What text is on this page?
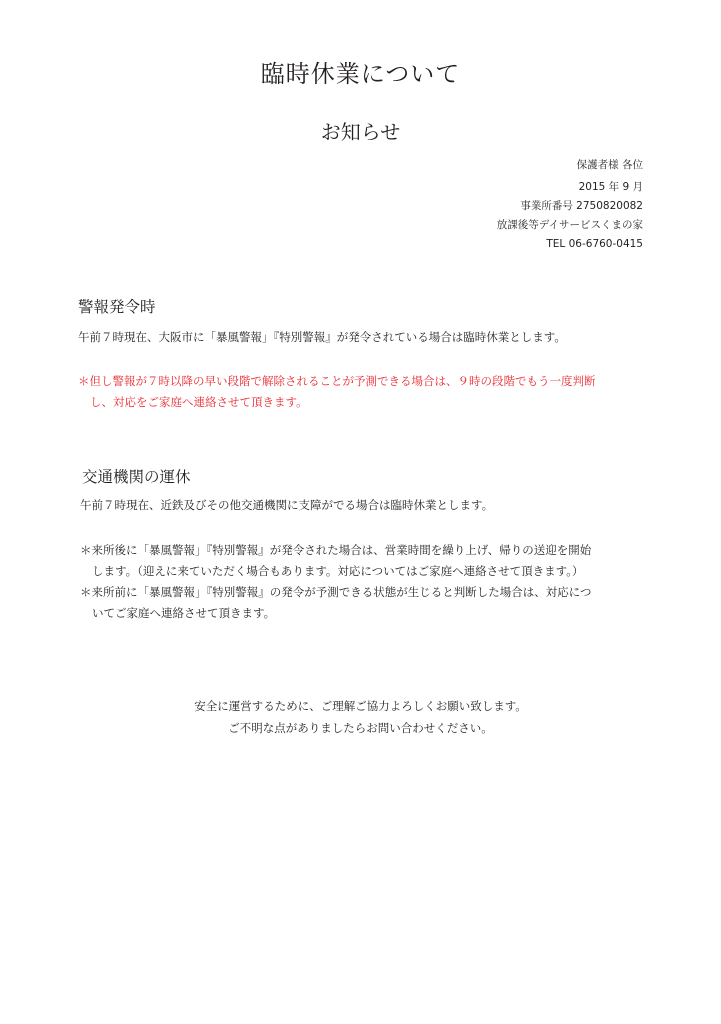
臨時休業について
お知らせ
保護者様 各位
2015 年 9 月
事業所番号 2750820082
放課後等デイサービスくまの家
TEL 06-6760-0415
警報発令時
午前７時現在、大阪市に「暴風警報」『特別警報』が発令されている場合は臨時休業とします。
＊但し警報が７時以降の早い段階で解除されることが予測できる場合は、９時の段階でもう一度判断
し、対応をご家庭へ連絡させて頂きます。
交通機関の運休
午前７時現在、近鉄及びその他交通機関に支障がでる場合は臨時休業とします。
＊来所後に「暴風警報」『特別警報』が発令された場合は、営業時間を繰り上げ、帰りの送迎を開始
します。（迎えに来ていただく場合もあります。対応についてはご家庭へ連絡させて頂きます。）
＊来所前に「暴風警報」『特別警報』の発令が予測できる状態が生じると判断した場合は、対応につ
いてご家庭へ連絡させて頂きます。
安全に運営するために、ご理解ご協力よろしくお願い致します。
ご不明な点がありましたらお問い合わせください。
